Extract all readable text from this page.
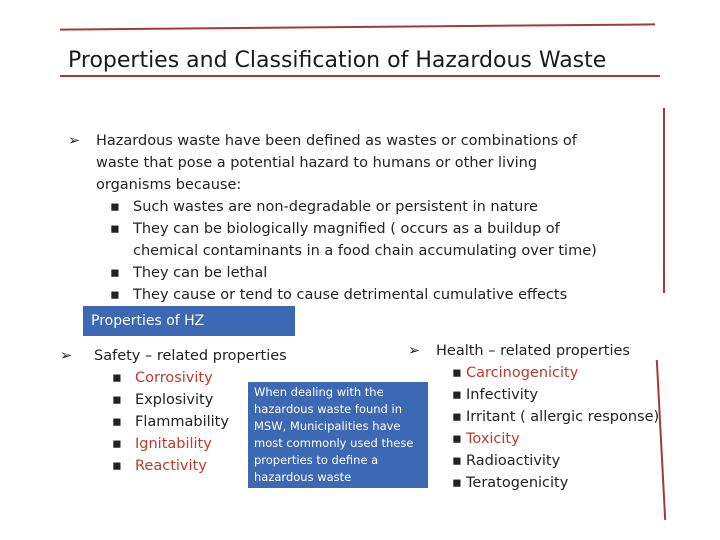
Properties and Classification of Hazardous Waste
➢ Hazardous waste have been defined as wastes or combinations of
waste that pose a potential hazard to humans or other living
organisms because:
▪ Such wastes are non-degradable or persistent in nature
▪ They can be biologically magnified ( occurs as a buildup of
chemical contaminants in a food chain accumulating over time)
▪ They can be lethal
▪ They cause or tend to cause detrimental cumulative effects
Properties of HZ
➢ Safety – related properties
▪ Corrosivity
▪ Explosivity
▪ Flammability
▪ Ignitability
▪ Reactivity
When dealing with the
hazardous waste found in
MSW, Municipalities have
most commonly used these
properties to define a
hazardous waste
➢ Health – related properties
▪ Carcinogenicity
▪ Infectivity
▪ Irritant ( allergic response)
▪ Toxicity
▪ Radioactivity
▪ Teratogenicity
